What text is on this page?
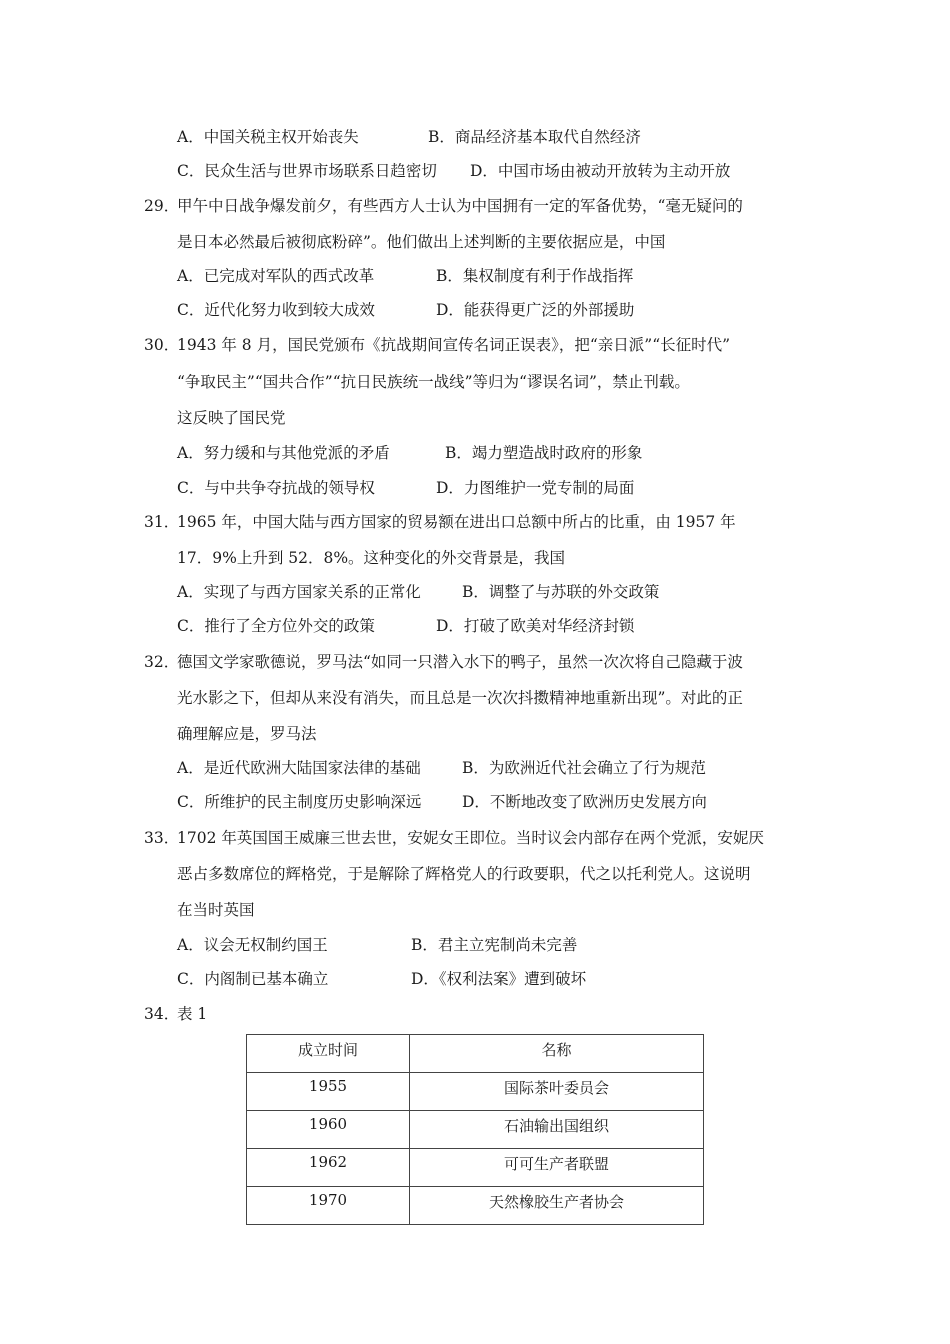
A．中国关税主权开始丧失	B．商品经济基本取代自然经济
C．民众生活与世界市场联系日趋密切 D．中国市场由被动开放转为主动开放
29．
甲午中日战争爆发前夕，有些西方人士认为中国拥有一定的军备优势，“毫无疑问的
是日本必然最后被彻底粉碎”。他们做出上述判断的主要依据应是，中国
A．已完成对军队的西式改革	B．集权制度有利于作战指挥
C．近代化努力收到较大成效	D．能获得更广泛的外部援助
30．
1943 年 8 月，国民党颁布《抗战期间宣传名词正误表》，把“亲日派”“长征时代”
“争取民主”“国共合作”“抗日民族统一战线”等归为“谬误名词”，禁止刊载。
这反映了国民党
A．努力缓和与其他党派的矛盾	B．竭力塑造战时政府的形象
C．与中共争夺抗战的领导权	D．力图维护一党专制的局面
31．
1965 年，中国大陆与西方国家的贸易额在进出口总额中所占的比重，由 1957 年
17．9%上升到 52．8%。这种变化的外交背景是，我国
A．实现了与西方国家关系的正常化	B．调整了与苏联的外交政策
C．推行了全方位外交的政策	D．打破了欧美对华经济封锁
32．
德国文学家歌德说，罗马法“如同一只潜入水下的鸭子，虽然一次次将自己隐藏于波
光水影之下，但却从来没有消失，而且总是一次次抖擞精神地重新出现”。对此的正
确理解应是，罗马法
A．是近代欧洲大陆国家法律的基础	B．为欧洲近代社会确立了行为规范
C．所维护的民主制度历史影响深远	D．不断地改变了欧洲历史发展方向
33．
1702 年英国国王威廉三世去世，安妮女王即位。当时议会内部存在两个党派，安妮厌
恶占多数席位的辉格党，于是解除了辉格党人的行政要职，代之以托利党人。这说明
在当时英国
A．议会无权制约国王	B．君主立宪制尚未完善
C．内阁制已基本确立	D．《权利法案》遭到破坏
34．
表 1
成立时间	名称
1955	国际茶叶委员会
1960	石油输出国组织
1962	可可生产者联盟
1970	天然橡胶生产者协会
